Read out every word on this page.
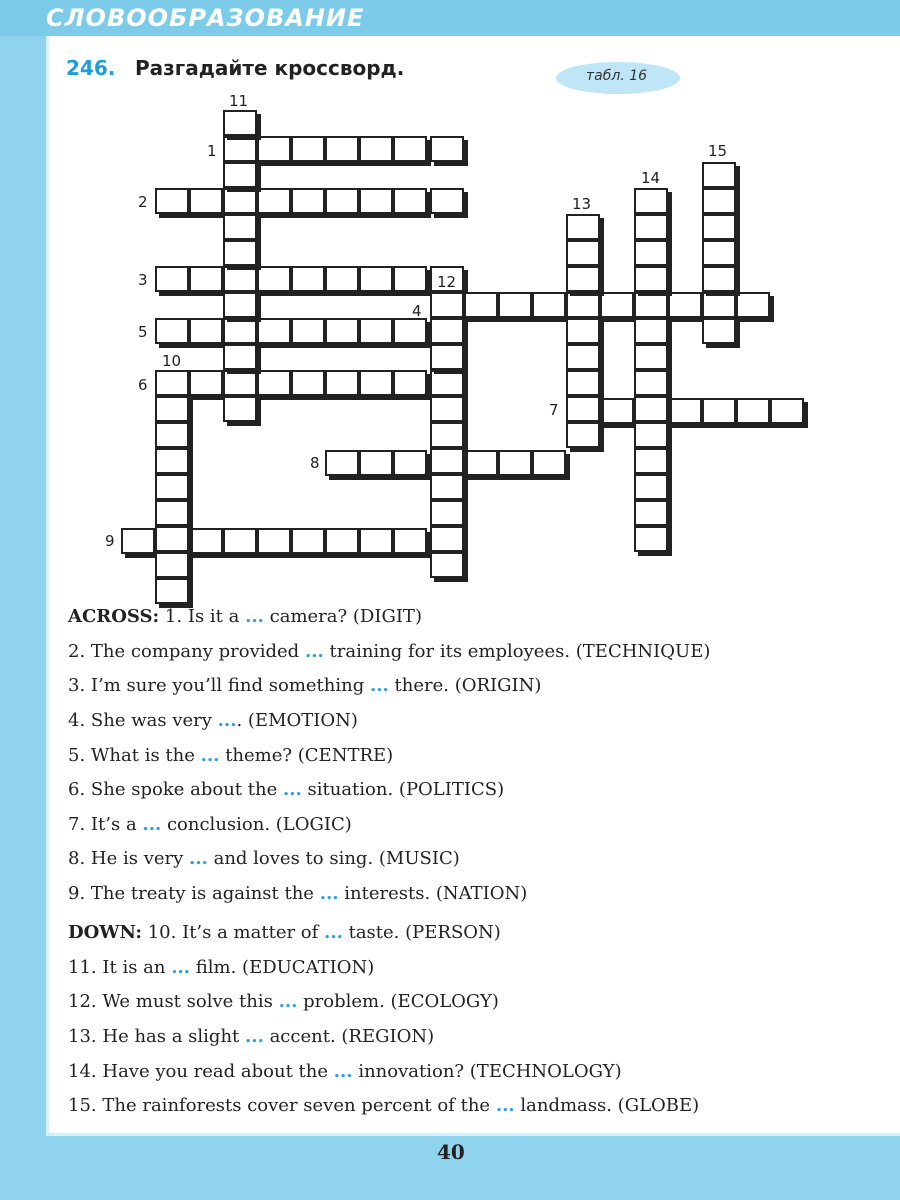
СЛОВООБРАЗОВАНИЕ
246. Разгадайте кроссворд.	табл. 16
11
1	15
14
2	13
3	12
4
5
10
6
7
8
9
ACROSS: 1. Is it a ... camera? (DIGIT)
2. The company provided ... training for its employees. (TECHNIQUE)
3. I’m sure you’ll find something ... there. (ORIGIN)
4. She was very .... (EMOTION)
5. What is the ... theme? (CENTRE)
6. She spoke about the ... situation. (POLITICS)
7. It’s a ... conclusion. (LOGIC)
8. He is very ... and loves to sing. (MUSIC)
9. The treaty is against the ... interests. (NATION)
DOWN: 10. It’s a matter of ... taste. (PERSON)
11. It is an ... film. (EDUCATION)
12. We must solve this ... problem. (ECOLOGY)
13. He has a slight ... accent. (REGION)
14. Have you read about the ... innovation? (TECHNOLOGY)
15. The rainforests cover seven percent of the ... landmass. (GLOBE)
40
